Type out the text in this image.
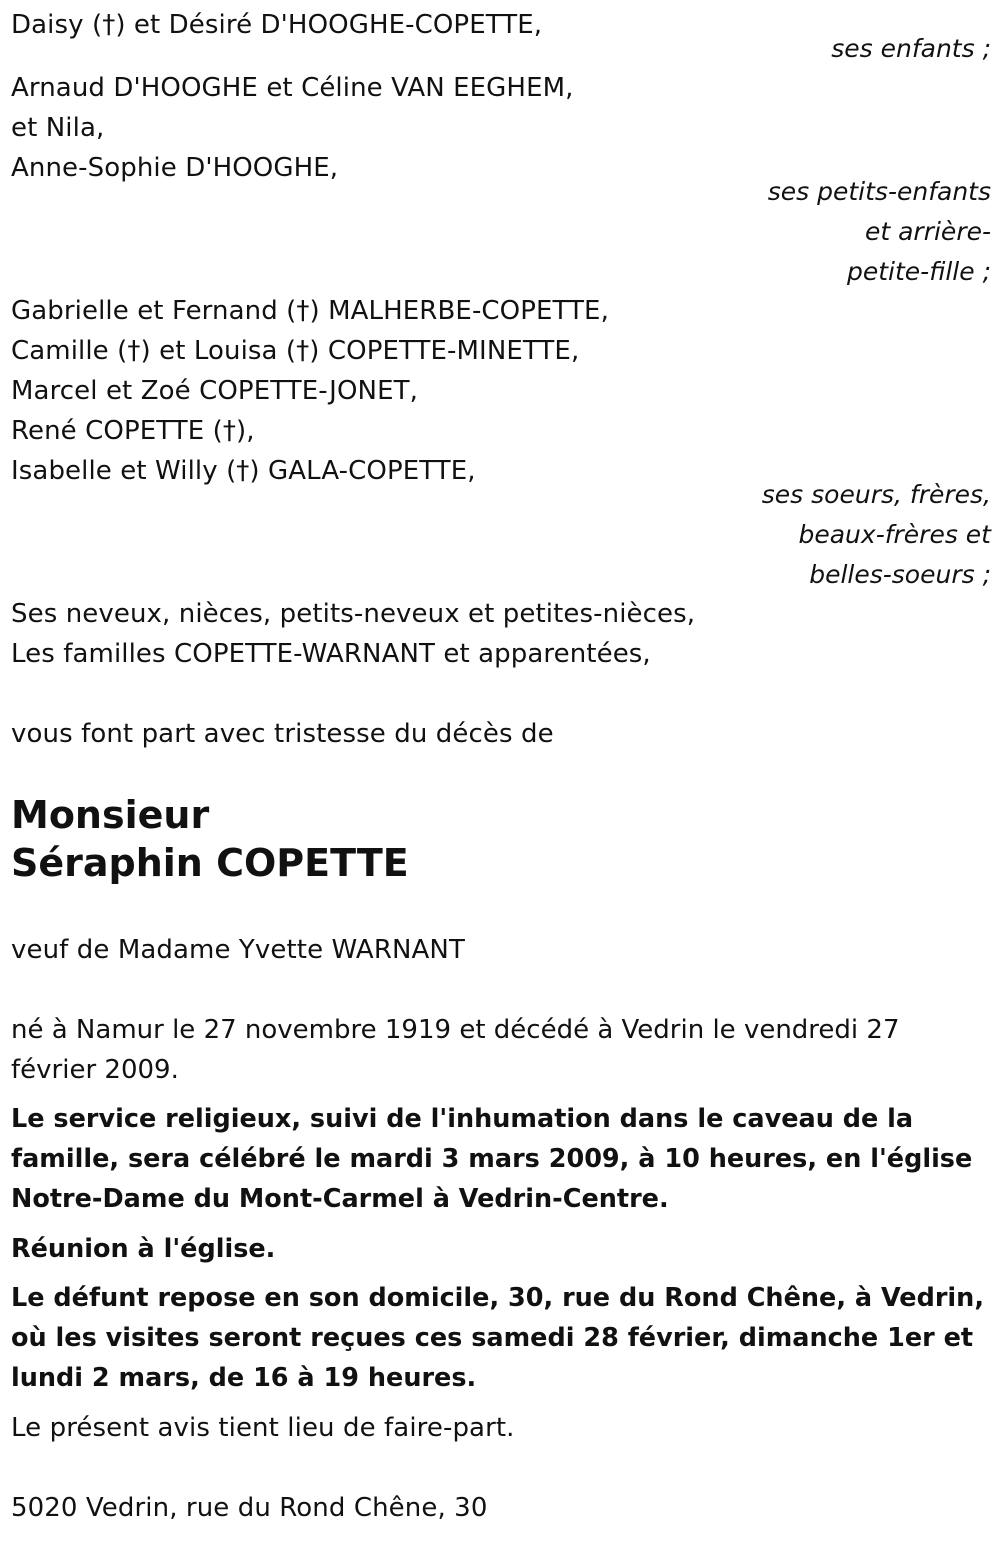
Daisy (†) et Désiré D'HOOGHE-COPETTE,
ses enfants ;
Arnaud D'HOOGHE et Céline VAN EEGHEM,
et Nila,
Anne-Sophie D'HOOGHE,
ses petits-enfants
et arrière-
petite-fille ;
Gabrielle et Fernand (†) MALHERBE-COPETTE,
Camille (†) et Louisa (†) COPETTE-MINETTE,
Marcel et Zoé COPETTE-JONET,
René COPETTE (†),
Isabelle et Willy (†) GALA-COPETTE,
ses soeurs, frères,
beaux-frères et
belles-soeurs ;
Ses neveux, nièces, petits-neveux et petites-nièces,
Les familles COPETTE-WARNANT et apparentées,
vous font part avec tristesse du décès de
Monsieur
Séraphin COPETTE
veuf de Madame Yvette WARNANT
né à Namur le 27 novembre 1919 et décédé à Vedrin le vendredi 27 février 2009.
Le service religieux, suivi de l'inhumation dans le caveau de la famille, sera célébré le mardi 3 mars 2009, à 10 heures, en l'église Notre-Dame du Mont-Carmel à Vedrin-Centre.
Réunion à l'église.
Le défunt repose en son domicile, 30, rue du Rond Chêne, à Vedrin, où les visites seront reçues ces samedi 28 février, dimanche 1er et lundi 2 mars, de 16 à 19 heures.
Le présent avis tient lieu de faire-part.
5020 Vedrin, rue du Rond Chêne, 30
